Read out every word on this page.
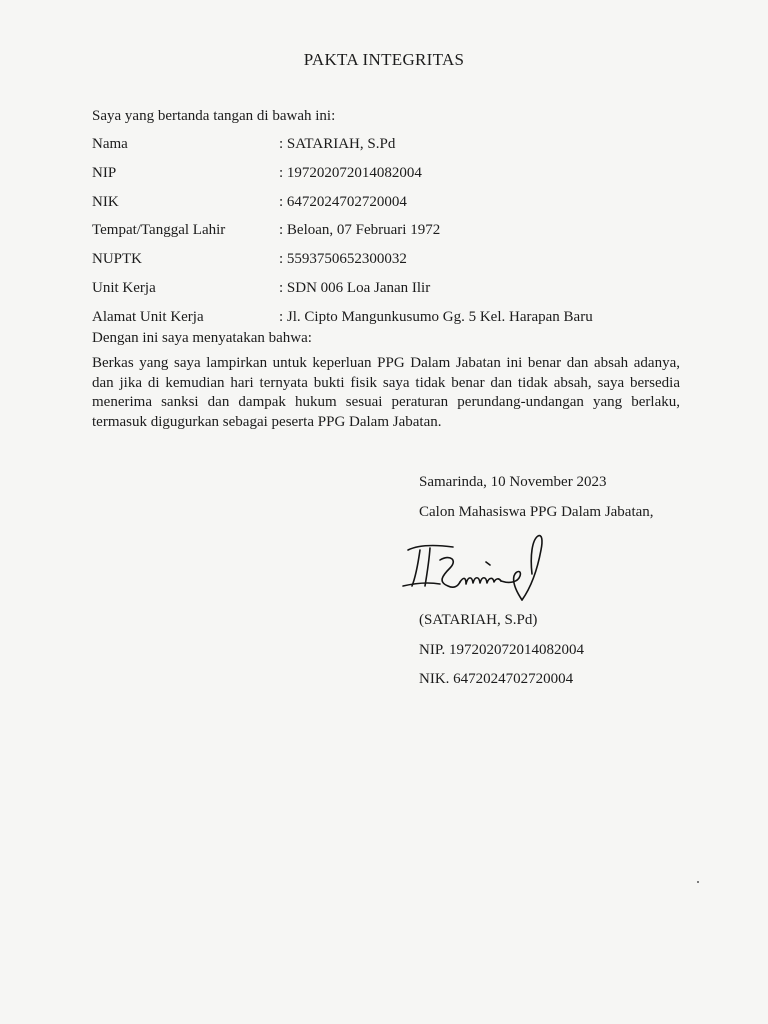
PAKTA INTEGRITAS
Saya yang bertanda tangan di bawah ini:
Nama	: SATARIAH, S.Pd
NIP	: 197202072014082004
NIK	: 6472024702720004
Tempat/Tanggal Lahir	: Beloan, 07 Februari 1972
NUPTK	: 5593750652300032
Unit Kerja	: SDN 006 Loa Janan Ilir
Alamat Unit Kerja	: Jl. Cipto Mangunkusumo Gg. 5 Kel. Harapan Baru
Dengan ini saya menyatakan bahwa:
Berkas yang saya lampirkan untuk keperluan PPG Dalam Jabatan ini benar dan absah adanya, dan jika di kemudian hari ternyata bukti fisik saya tidak benar dan tidak absah, saya bersedia menerima sanksi dan dampak hukum sesuai peraturan perundang-undangan yang berlaku, termasuk digugurkan sebagai peserta PPG Dalam Jabatan.
Samarinda, 10 November 2023
Calon Mahasiswa PPG Dalam Jabatan,
(SATARIAH, S.Pd)
NIP. 197202072014082004
NIK. 6472024702720004
